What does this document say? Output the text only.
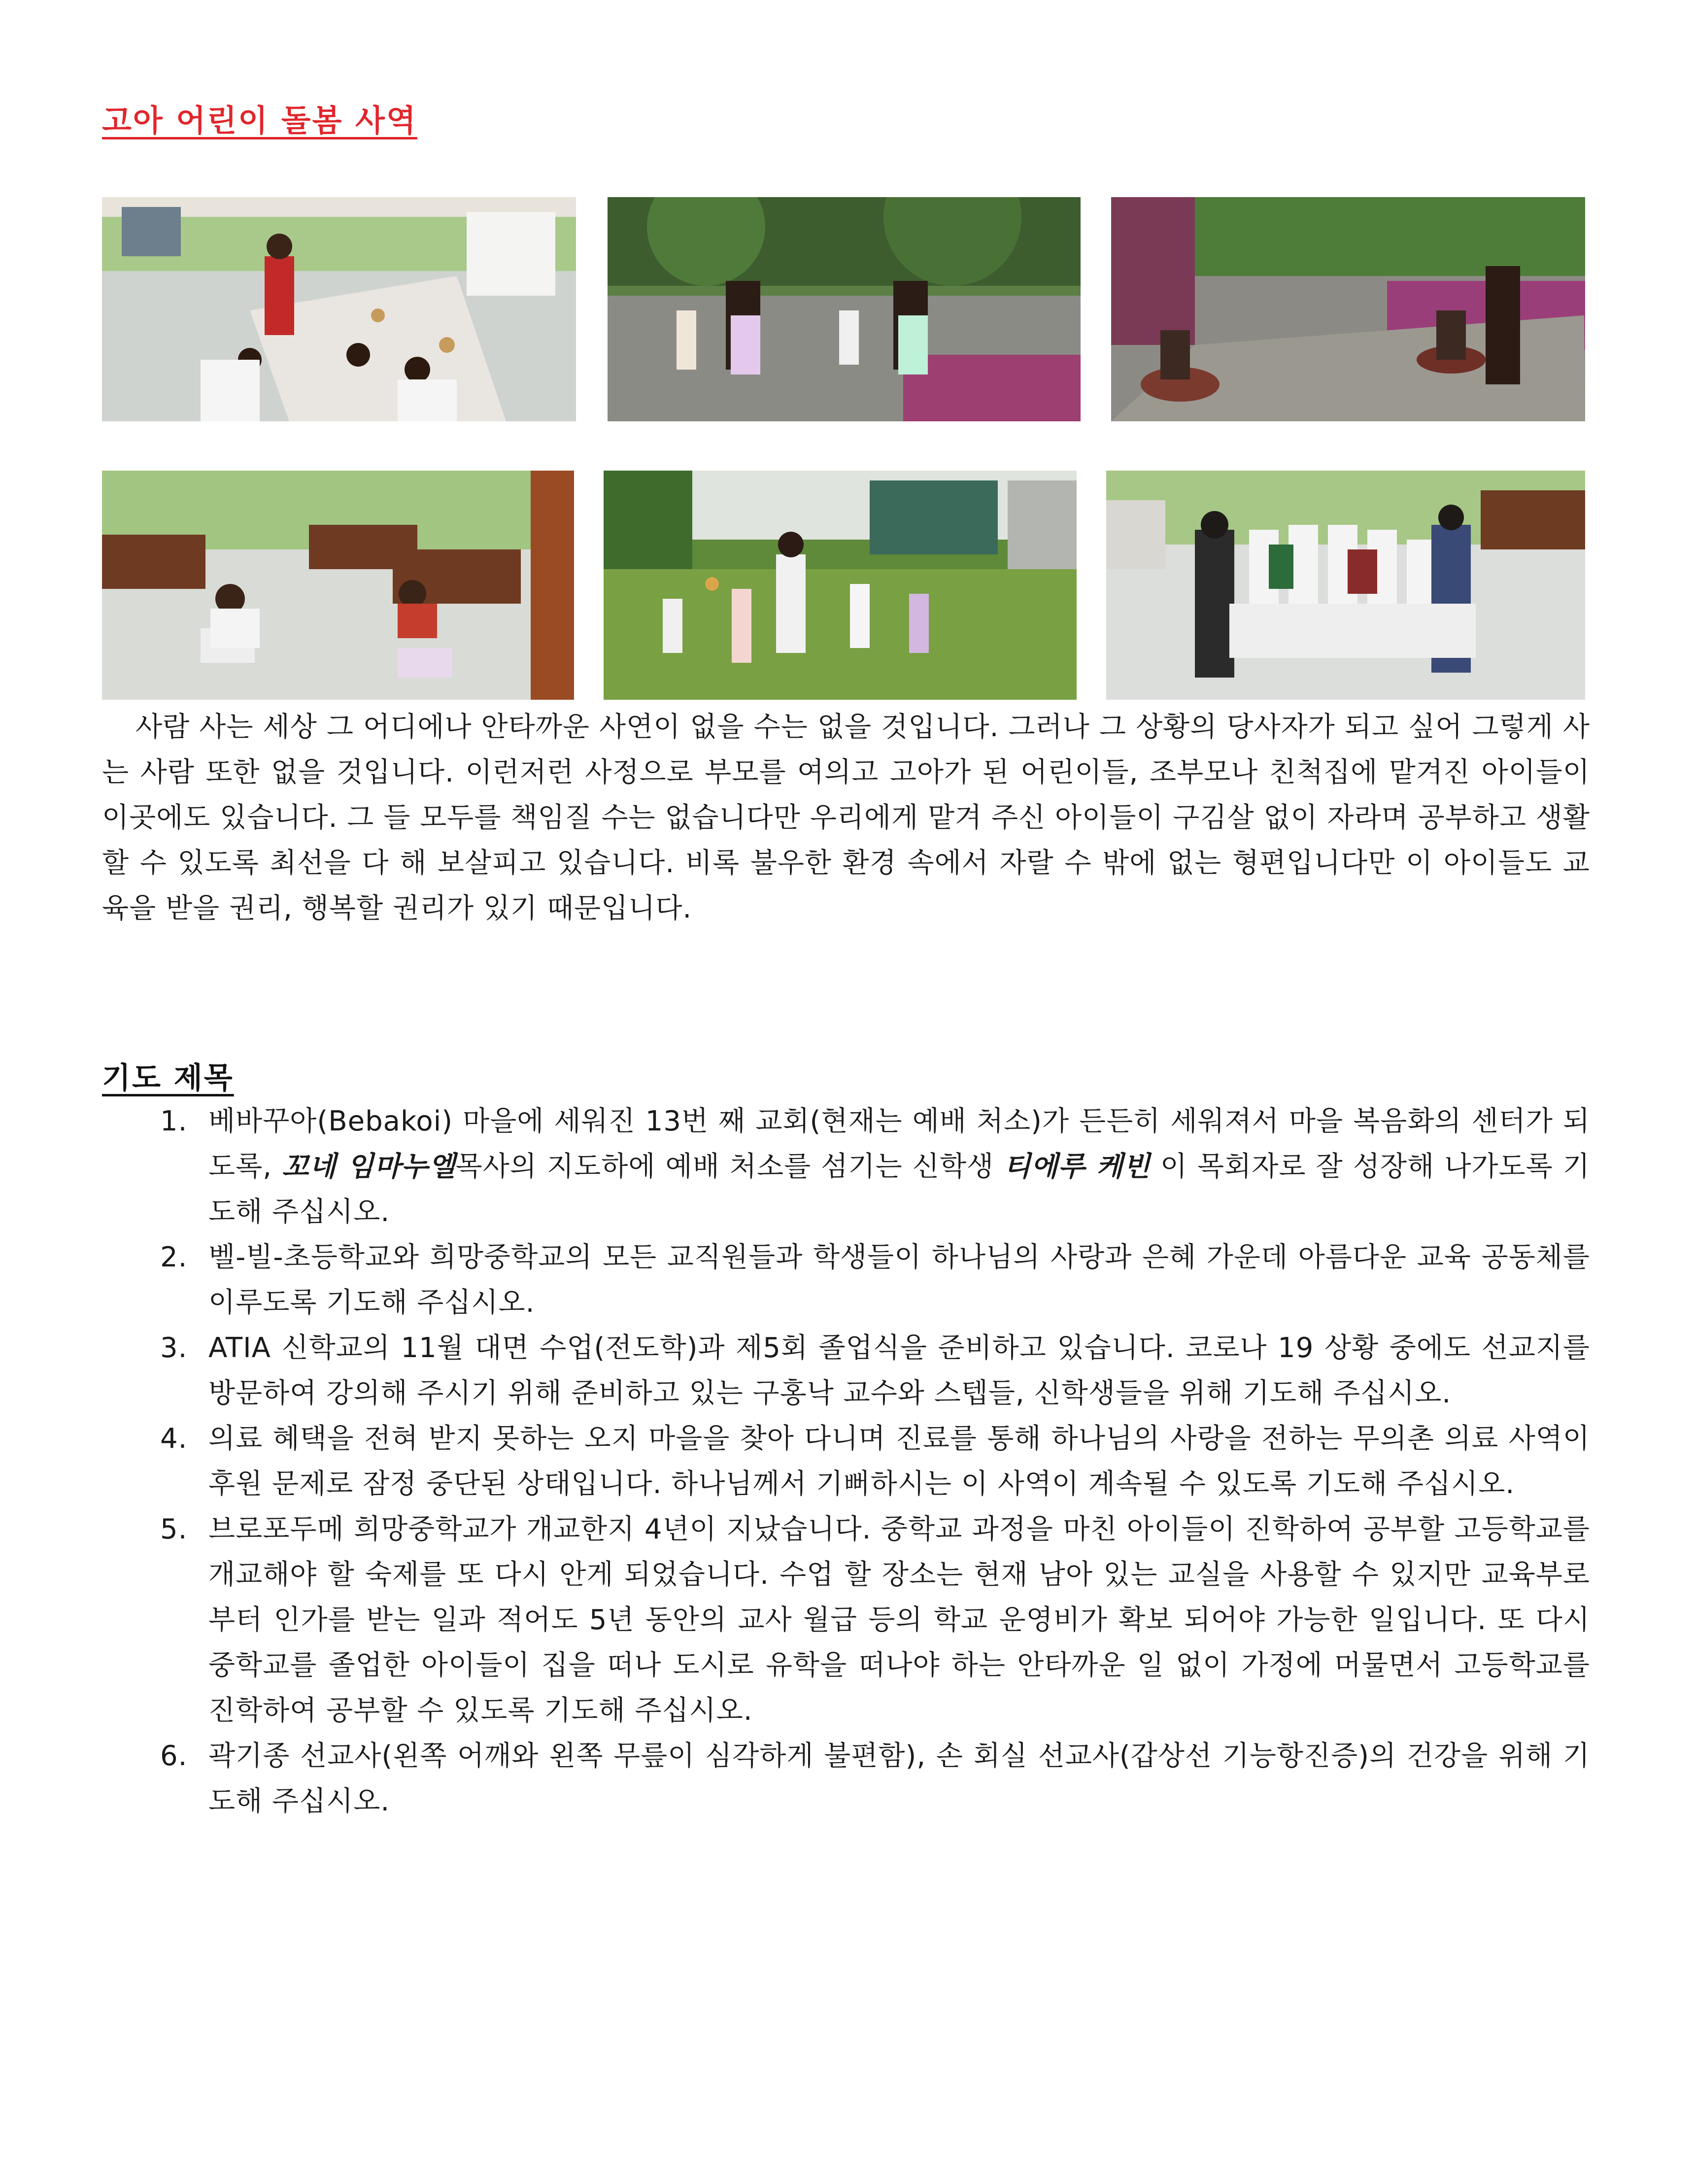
고아 어린이 돌봄 사역

사람 사는 세상 그 어디에나 안타까운 사연이 없을 수는 없을 것입니다. 그러나 그 상황의 당사자가 되고 싶어 그렇게 사는 사람 또한 없을 것입니다. 이런저런 사정으로 부모를 여의고 고아가 된 어린이들, 조부모나 친척집에 맡겨진 아이들이 이곳에도 있습니다. 그 들 모두를 책임질 수는 없습니다만 우리에게 맡겨 주신 아이들이 구김살 없이 자라며 공부하고 생활할 수 있도록 최선을 다 해 보살피고 있습니다. 비록 불우한 환경 속에서 자랄 수 밖에 없는 형편입니다만 이 아이들도 교육을 받을 권리, 행복할 권리가 있기 때문입니다.

기도 제목
1. 베바꾸아(Bebakoi) 마을에 세워진 13번 째 교회(현재는 예배 처소)가 든든히 세워져서 마을 복음화의 센터가 되도록, 꼬네 임마누엘목사의 지도하에 예배 처소를 섬기는 신학생 티에루 케빈 이 목회자로 잘 성장해 나가도록 기도해 주십시오.
2. 벨-빌-초등학교와 희망중학교의 모든 교직원들과 학생들이 하나님의 사랑과 은혜 가운데 아름다운 교육 공동체를 이루도록 기도해 주십시오.
3. ATIA 신학교의 11월 대면 수업(전도학)과 제5회 졸업식을 준비하고 있습니다. 코로나 19 상황 중에도 선교지를 방문하여 강의해 주시기 위해 준비하고 있는 구홍낙 교수와 스텝들, 신학생들을 위해 기도해 주십시오.
4. 의료 혜택을 전혀 받지 못하는 오지 마을을 찾아 다니며 진료를 통해 하나님의 사랑을 전하는 무의촌 의료 사역이 후원 문제로 잠정 중단된 상태입니다. 하나님께서 기뻐하시는 이 사역이 계속될 수 있도록 기도해 주십시오.
5. 브로포두메 희망중학교가 개교한지 4년이 지났습니다. 중학교 과정을 마친 아이들이 진학하여 공부할 고등학교를 개교해야 할 숙제를 또 다시 안게 되었습니다. 수업 할 장소는 현재 남아 있는 교실을 사용할 수 있지만 교육부로부터 인가를 받는 일과 적어도 5년 동안의 교사 월급 등의 학교 운영비가 확보 되어야 가능한 일입니다. 또 다시 중학교를 졸업한 아이들이 집을 떠나 도시로 유학을 떠나야 하는 안타까운 일 없이 가정에 머물면서 고등학교를 진학하여 공부할 수 있도록 기도해 주십시오.
6. 곽기종 선교사(왼쪽 어깨와 왼쪽 무릎이 심각하게 불편함), 손 회실 선교사(갑상선 기능항진증)의 건강을 위해 기도해 주십시오.
